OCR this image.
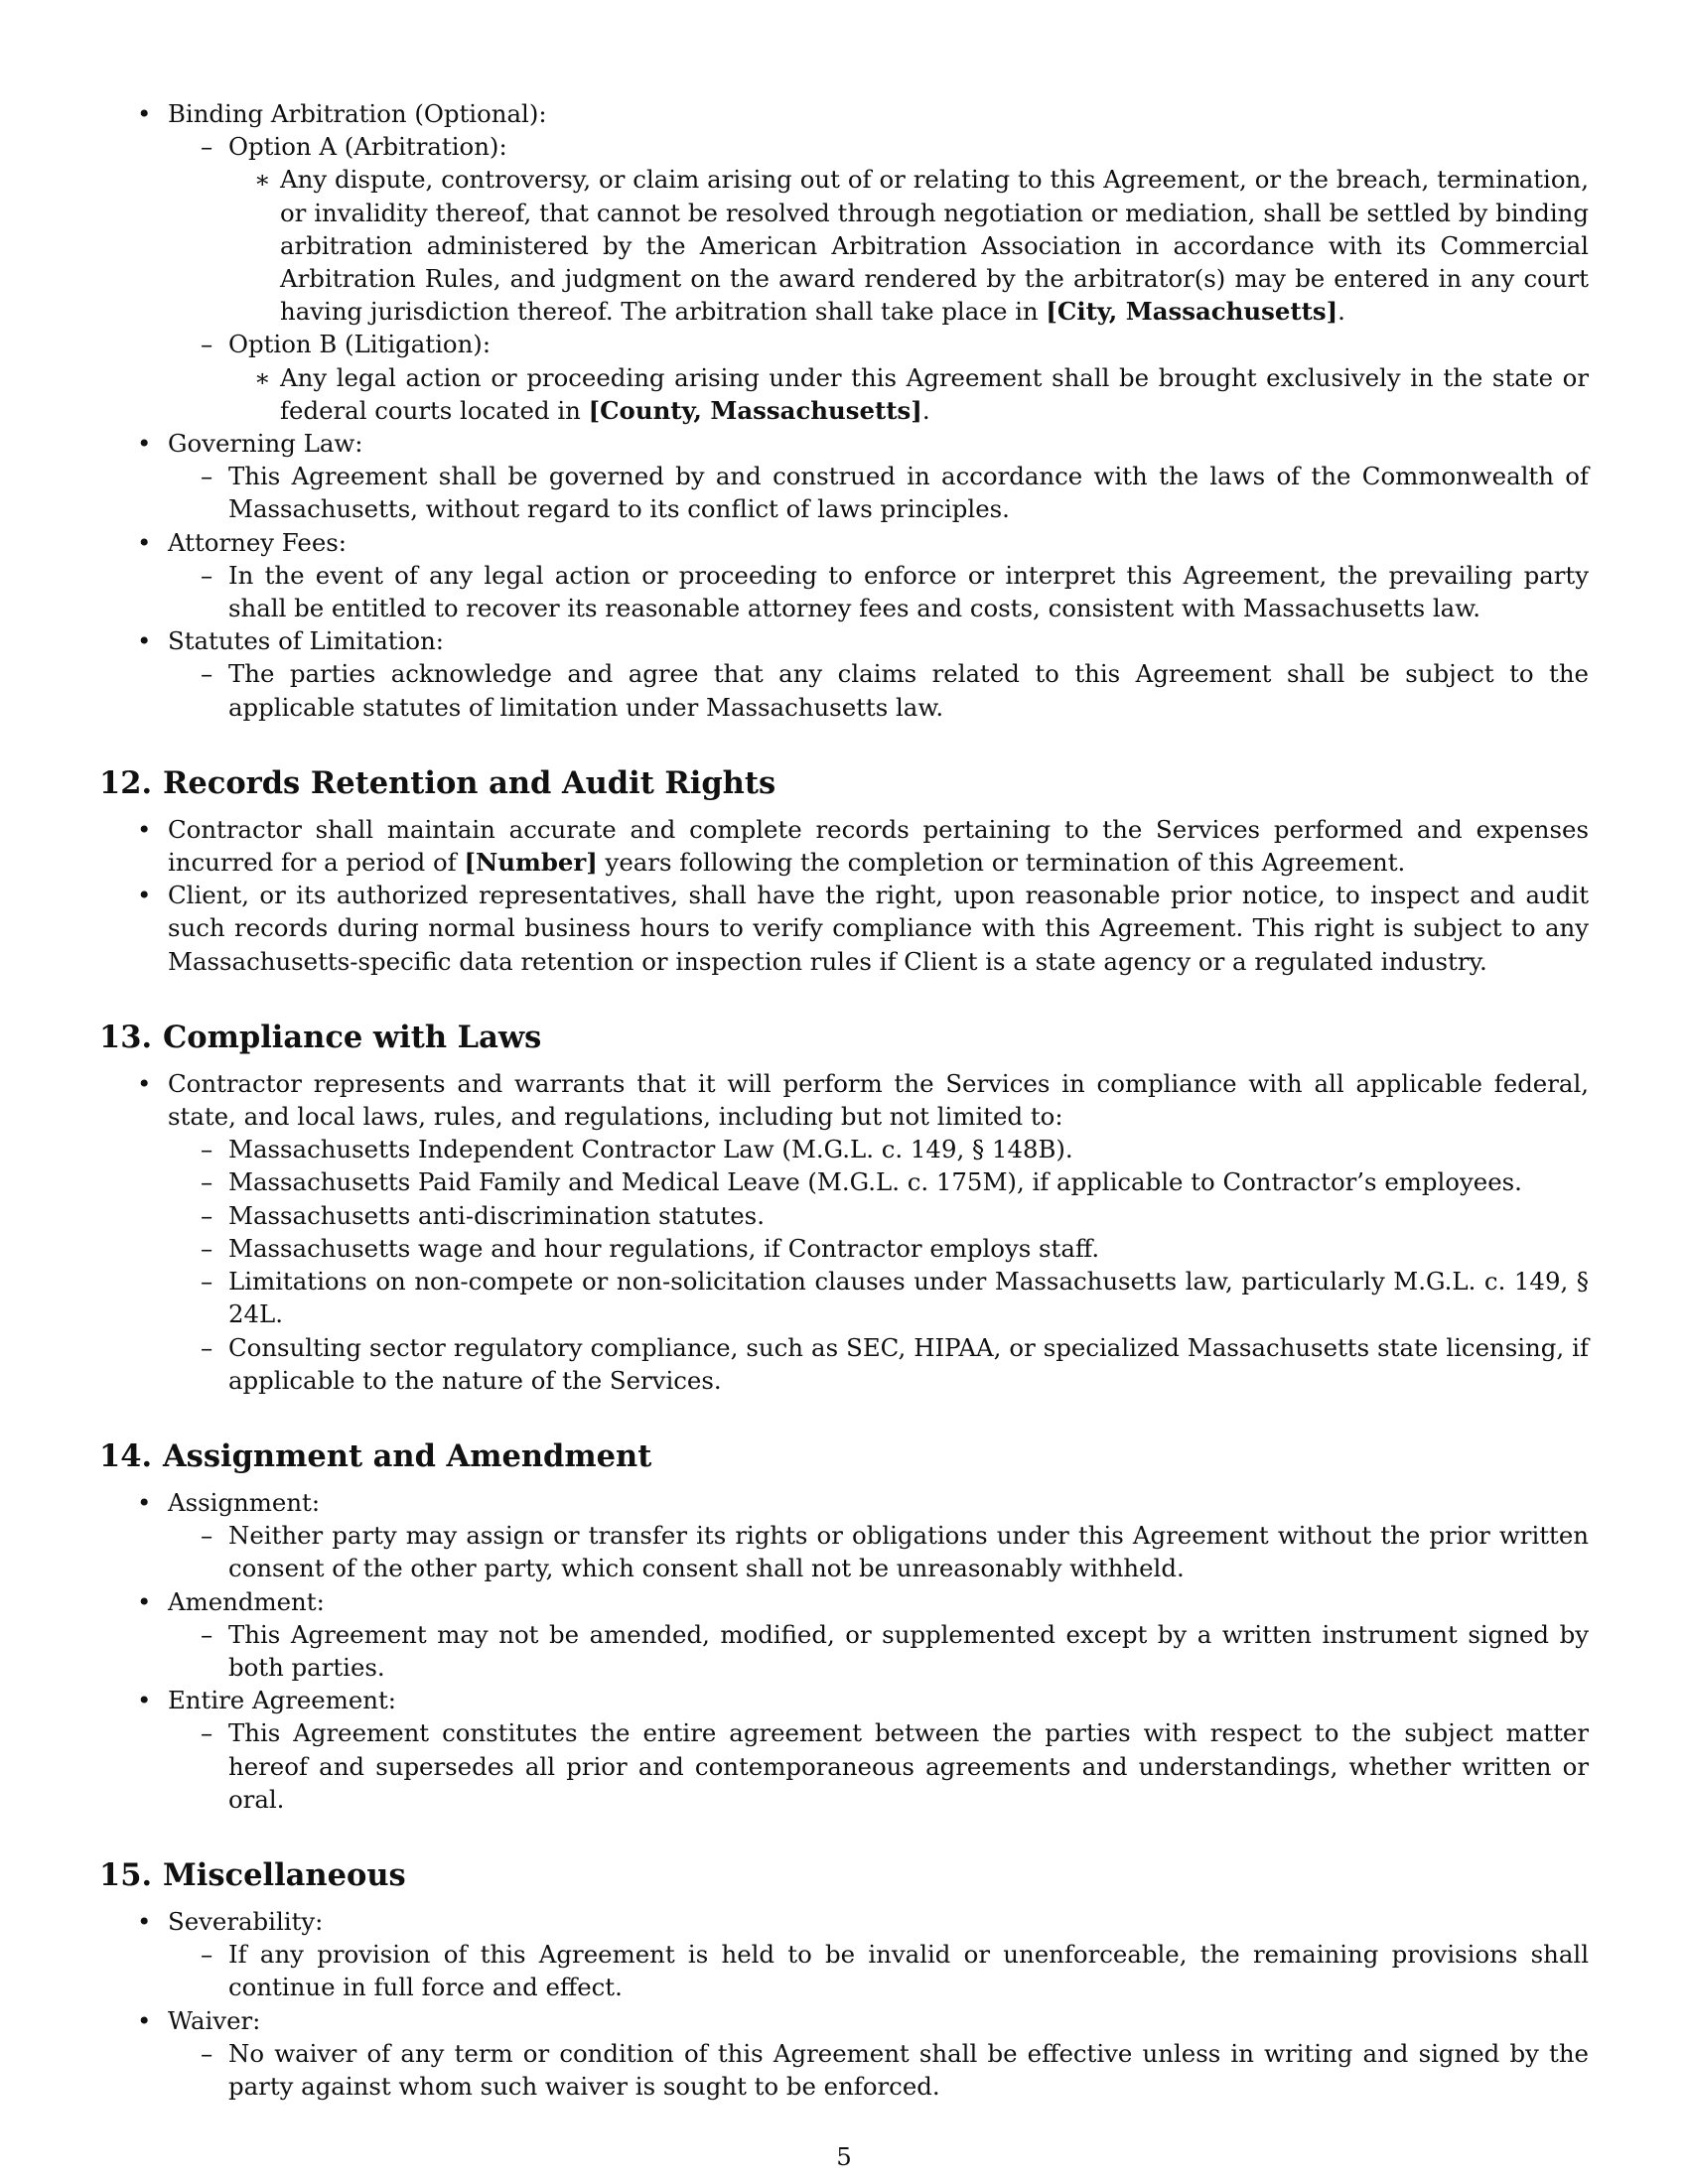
• Binding Arbitration (Optional):
– Option A (Arbitration):
∗ Any dispute, controversy, or claim arising out of or relating to this Agreement, or the breach, termination, or invalidity thereof, that cannot be resolved through negotiation or mediation, shall be settled by binding arbitration administered by the American Arbitration Association in accordance with its Commercial Arbitration Rules, and judgment on the award rendered by the arbitrator(s) may be entered in any court having jurisdiction thereof. The arbitration shall take place in [City, Massachusetts].
– Option B (Litigation):
∗ Any legal action or proceeding arising under this Agreement shall be brought exclusively in the state or federal courts located in [County, Massachusetts].
• Governing Law:
– This Agreement shall be governed by and construed in accordance with the laws of the Commonwealth of Massachusetts, without regard to its conflict of laws principles.
• Attorney Fees:
– In the event of any legal action or proceeding to enforce or interpret this Agreement, the prevailing party shall be entitled to recover its reasonable attorney fees and costs, consistent with Massachusetts law.
• Statutes of Limitation:
– The parties acknowledge and agree that any claims related to this Agreement shall be subject to the applicable statutes of limitation under Massachusetts law.
12. Records Retention and Audit Rights
• Contractor shall maintain accurate and complete records pertaining to the Services performed and expenses incurred for a period of [Number] years following the completion or termination of this Agreement.
• Client, or its authorized representatives, shall have the right, upon reasonable prior notice, to inspect and audit such records during normal business hours to verify compliance with this Agreement. This right is subject to any Massachusetts-specific data retention or inspection rules if Client is a state agency or a regulated industry.
13. Compliance with Laws
• Contractor represents and warrants that it will perform the Services in compliance with all applicable federal, state, and local laws, rules, and regulations, including but not limited to:
– Massachusetts Independent Contractor Law (M.G.L. c. 149, § 148B).
– Massachusetts Paid Family and Medical Leave (M.G.L. c. 175M), if applicable to Contractor’s employees.
– Massachusetts anti-discrimination statutes.
– Massachusetts wage and hour regulations, if Contractor employs staff.
– Limitations on non-compete or non-solicitation clauses under Massachusetts law, particularly M.G.L. c. 149, § 24L.
– Consulting sector regulatory compliance, such as SEC, HIPAA, or specialized Massachusetts state licensing, if applicable to the nature of the Services.
14. Assignment and Amendment
• Assignment:
– Neither party may assign or transfer its rights or obligations under this Agreement without the prior written consent of the other party, which consent shall not be unreasonably withheld.
• Amendment:
– This Agreement may not be amended, modified, or supplemented except by a written instrument signed by both parties.
• Entire Agreement:
– This Agreement constitutes the entire agreement between the parties with respect to the subject matter hereof and supersedes all prior and contemporaneous agreements and understandings, whether written or oral.
15. Miscellaneous
• Severability:
– If any provision of this Agreement is held to be invalid or unenforceable, the remaining provisions shall continue in full force and effect.
• Waiver:
– No waiver of any term or condition of this Agreement shall be effective unless in writing and signed by the party against whom such waiver is sought to be enforced.
5
